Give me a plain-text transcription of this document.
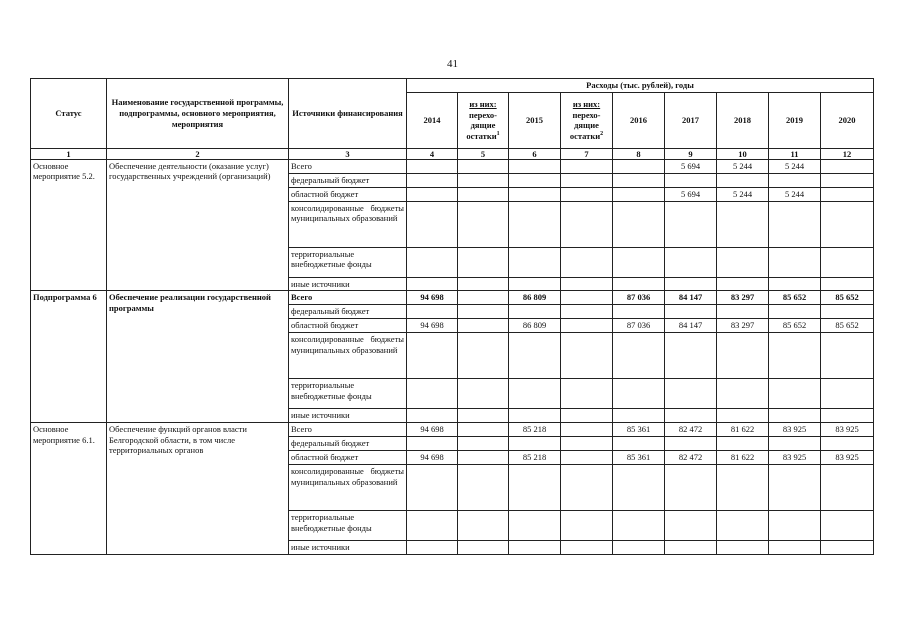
41
Статус	Наименование государственной программы, подпрограммы, основного мероприятия, мероприятия	Источники финансирования	Расходы (тыс. рублей), годы								
			2014	из них:
перехо-дящие
остатки$^1$	2015	из них:
перехо-дящие
остатки$^2$	2016	2017	2018	2019	2020
1	2	3	4	5	6	7	8	9	10	11	12
Основное мероприятие 5.2.	Обеспечение деятельности (оказание услуг) государственных учреждений (организаций)	Всего						5 694	5 244	5 244	
		федеральный бюджет									
		областной бюджет						5 694	5 244	5 244	
		консолидированные бюджеты муниципальных образований									
		территориальные внебюджетные фонды									
		иные источники									
Подпрограмма 6	Обеспечение реализации государственной программы	Всего	94 698		86 809		87 036	84 147	83 297	85 652	85 652
		федеральный бюджет									
		областной бюджет	94 698		86 809		87 036	84 147	83 297	85 652	85 652
		консолидированные бюджеты муниципальных образований									
		территориальные внебюджетные фонды									
		иные источники									
Основное мероприятие 6.1.	Обеспечение функций органов власти Белгородской области, в том числе территориальных органов	Всего	94 698		85 218		85 361	82 472	81 622	83 925	83 925
		федеральный бюджет									
		областной бюджет	94 698		85 218		85 361	82 472	81 622	83 925	83 925
		консолидированные бюджеты муниципальных образований									
		территориальные внебюджетные фонды									
		иные источники									
